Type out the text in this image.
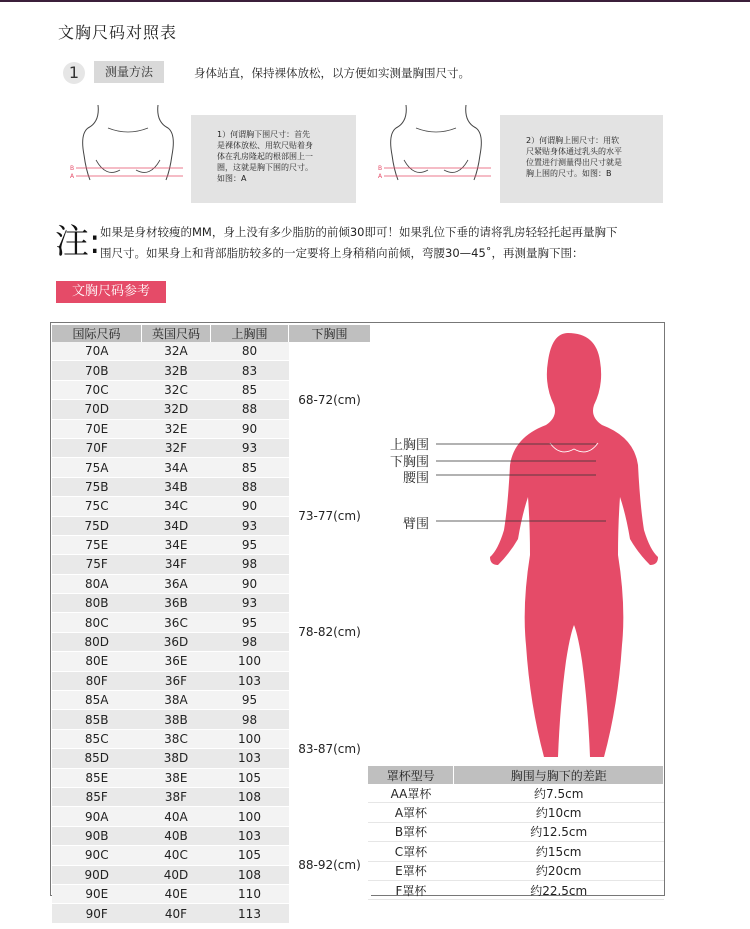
文胸尺码对照表
1	测量方法	身体站直，保持裸体放松，以方便如实测量胸围尺寸。
B
A
1）何谓胸下围尺寸：首先
是裸体放松、用软尺贴着身
体在乳房隆起的根部围上一
圈，这就是胸下围的尺寸。
如图：A
B
A
2）何谓胸上围尺寸：用软
尺紧贴身体通过乳头的水平
位置进行测量得出尺寸就是
胸上围的尺寸。如图：B
注: 如果是身材较瘦的MM，身上没有多少脂肪的前倾30即可！如果乳位下垂的请将乳房轻轻托起再量胸下
围尺寸。如果身上和背部脂肪较多的一定要将上身稍稍向前倾，弯腰30—45˚，再测量胸下围：
文胸尺码参考
国际尺码	英国尺码	上胸围	下胸围
70A	32A	80	68-72(cm)
70B	32B	83	
70C	32C	85	
70D	32D	88	
70E	32E	90	
70F	32F	93	
75A	34A	85	73-77(cm)
75B	34B	88	
75C	34C	90	
75D	34D	93	
75E	34E	95	
75F	34F	98	
80A	36A	90	78-82(cm)
80B	36B	93	
80C	36C	95	
80D	36D	98	
80E	36E	100	
80F	36F	103	
85A	38A	95	83-87(cm)
85B	38B	98	
85C	38C	100	
85D	38D	103	
85E	38E	105	
85F	38F	108	
90A	40A	100	88-92(cm)
90B	40B	103	
90C	40C	105	
90D	40D	108	
90E	40E	110	
90F	40F	113	
上胸围
下胸围
腰围
臂围
罩杯型号	胸围与胸下的差距
AA罩杯	约7.5cm
A罩杯	约10cm
B罩杯	约12.5cm
C罩杯	约15cm
E罩杯	约20cm
F罩杯	约22.5cm
